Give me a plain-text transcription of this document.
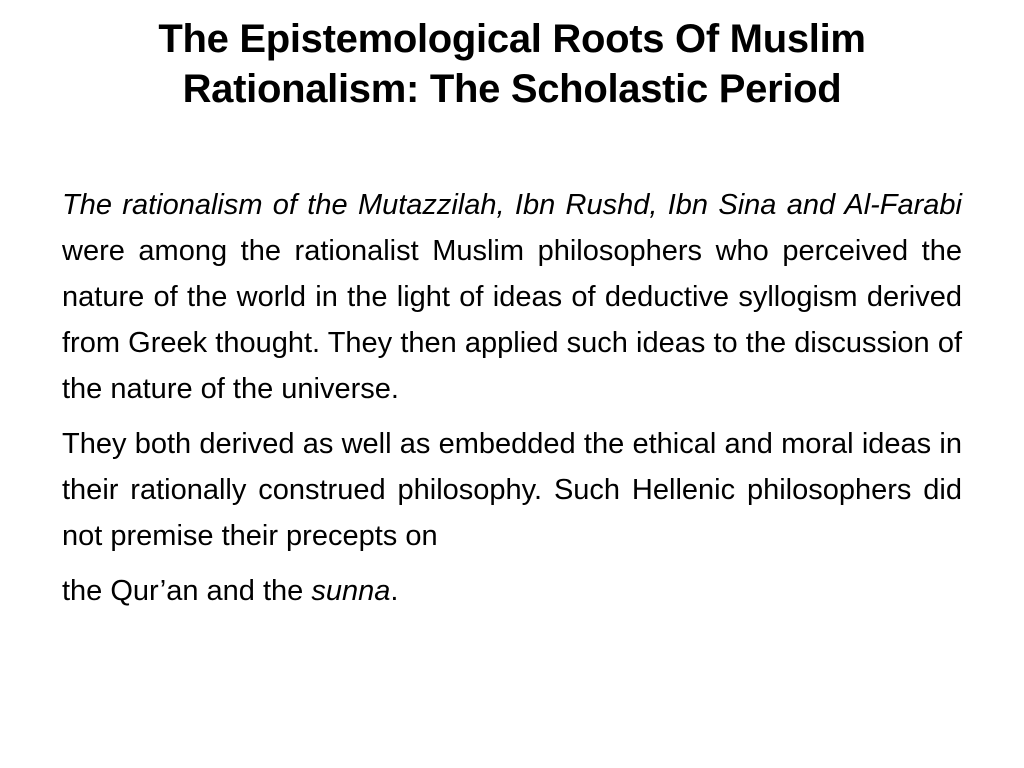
The Epistemological Roots Of Muslim
Rationalism: The Scholastic Period

The rationalism of the Mutazzilah, Ibn Rushd, Ibn Sina and Al-Farabi were among the rationalist Muslim philosophers who perceived the nature of the world in the light of ideas of deductive syllogism derived from Greek thought. They then applied such ideas to the discussion of the nature of the universe.

They both derived as well as embedded the ethical and moral ideas in their rationally construed philosophy. Such Hellenic philosophers did not premise their precepts on

the Qur’an and the sunna.
